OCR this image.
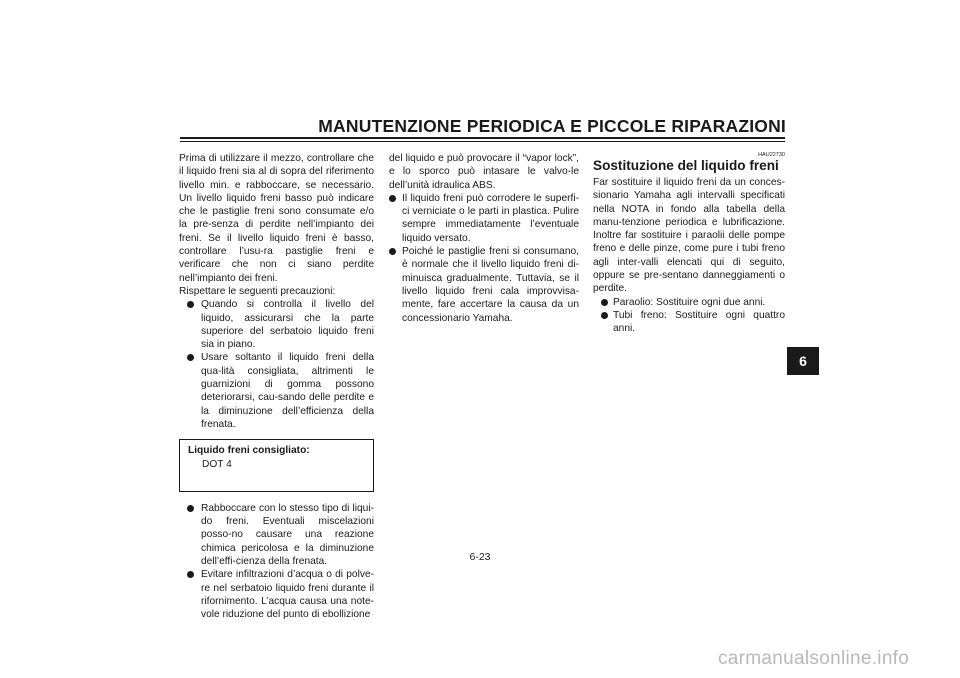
MANUTENZIONE PERIODICA E PICCOLE RIPARAZIONI

Prima di utilizzare il mezzo, controllare che il liquido freni sia al di sopra del riferimento livello min. e rabboccare, se necessario. Un livello liquido freni basso può indicare che le pastiglie freni sono consumate e/o la pre-senza di perdite nell’impianto dei freni. Se il livello liquido freni è basso, controllare l’usu-ra pastiglie freni e verificare che non ci siano perdite nell’impianto dei freni.

Rispettare le seguenti precauzioni:

Quando si controlla il livello del liquido, assicurarsi che la parte superiore del serbatoio liquido freni sia in piano.
Usare soltanto il liquido freni della qua-lità consigliata, altrimenti le guarnizioni di gomma possono deteriorarsi, cau-sando delle perdite e la diminuzione dell’efficienza della frenata.
Liquido freni consigliato:
DOT 4
Rabboccare con lo stesso tipo di liqui-do freni. Eventuali miscelazioni posso-no causare una reazione chimica pericolosa e la diminuzione dell’effi-cienza della frenata.
Evitare infiltrazioni d’acqua o di polve-re nel serbatoio liquido freni durante il rifornimento. L’acqua causa una note-vole riduzione del punto di ebollizione

del liquido e può provocare il “vapor lock”, e lo sporco può intasare le valvo-le dell’unità idraulica ABS.

Il liquido freni può corrodere le superfi-ci verniciate o le parti in plastica. Pulire sempre immediatamente l’eventuale liquido versato.
Poiché le pastiglie freni si consumano, è normale che il livello liquido freni di-minuisca gradualmente. Tuttavia, se il livello liquido freni cala improvvisa-mente, fare accertare la causa da un concessionario Yamaha.

HAU22730

Sostituzione del liquido freni

Far sostituire il liquido freni da un conces-sionario Yamaha agli intervalli specificati nella NOTA in fondo alla tabella della manu-tenzione periodica e lubrificazione. Inoltre far sostituire i paraolii delle pompe freno e delle pinze, come pure i tubi freno agli inter-valli elencati qui di seguito, oppure se pre-sentano danneggiamenti o perdite.

Paraolio: Sostituire ogni due anni.
Tubi freno: Sostituire ogni quattro anni.
6
6-23
carmanualsonline.info
